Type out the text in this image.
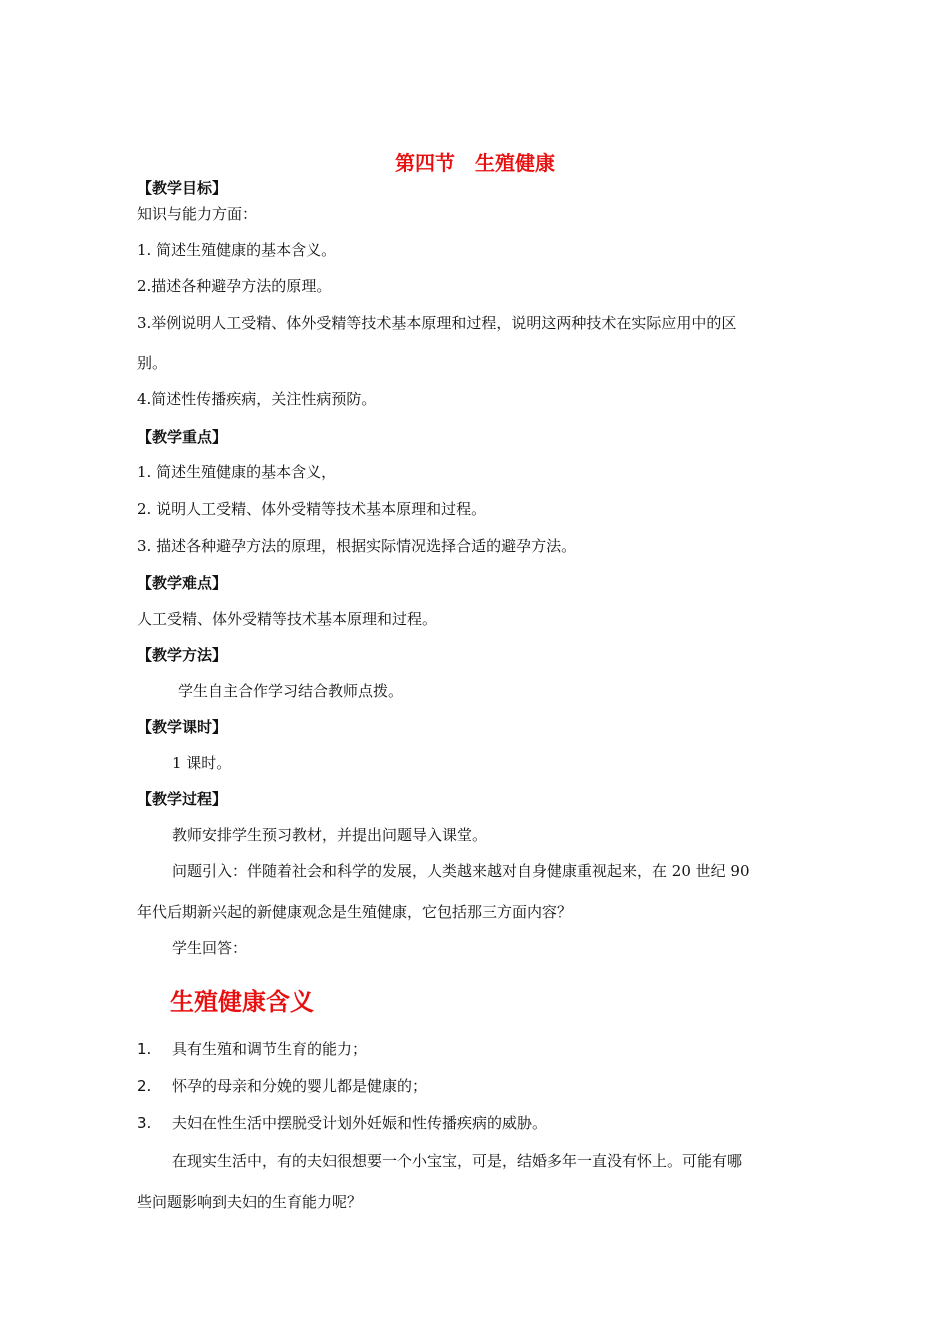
第四节　生殖健康
【教学目标】
知识与能力方面：
1. 简述生殖健康的基本含义。
2.描述各种避孕方法的原理。
3.举例说明人工受精、体外受精等技术基本原理和过程，说明这两种技术在实际应用中的区
别。
4.简述性传播疾病，关注性病预防。
【教学重点】
1. 简述生殖健康的基本含义，
2. 说明人工受精、体外受精等技术基本原理和过程。
3. 描述各种避孕方法的原理，根据实际情况选择合适的避孕方法。
【教学难点】
人工受精、体外受精等技术基本原理和过程。
【教学方法】
学生自主合作学习结合教师点拨。
【教学课时】
1 课时。
【教学过程】
教师安排学生预习教材，并提出问题导入课堂。
问题引入：伴随着社会和科学的发展，人类越来越对自身健康重视起来，在 20 世纪 90
年代后期新兴起的新健康观念是生殖健康，它包括那三方面内容？
学生回答：
生殖健康含义
1. 具有生殖和调节生育的能力；
2. 怀孕的母亲和分娩的婴儿都是健康的；
3. 夫妇在性生活中摆脱受计划外妊娠和性传播疾病的威胁。
在现实生活中，有的夫妇很想要一个小宝宝，可是，结婚多年一直没有怀上。可能有哪
些问题影响到夫妇的生育能力呢？
